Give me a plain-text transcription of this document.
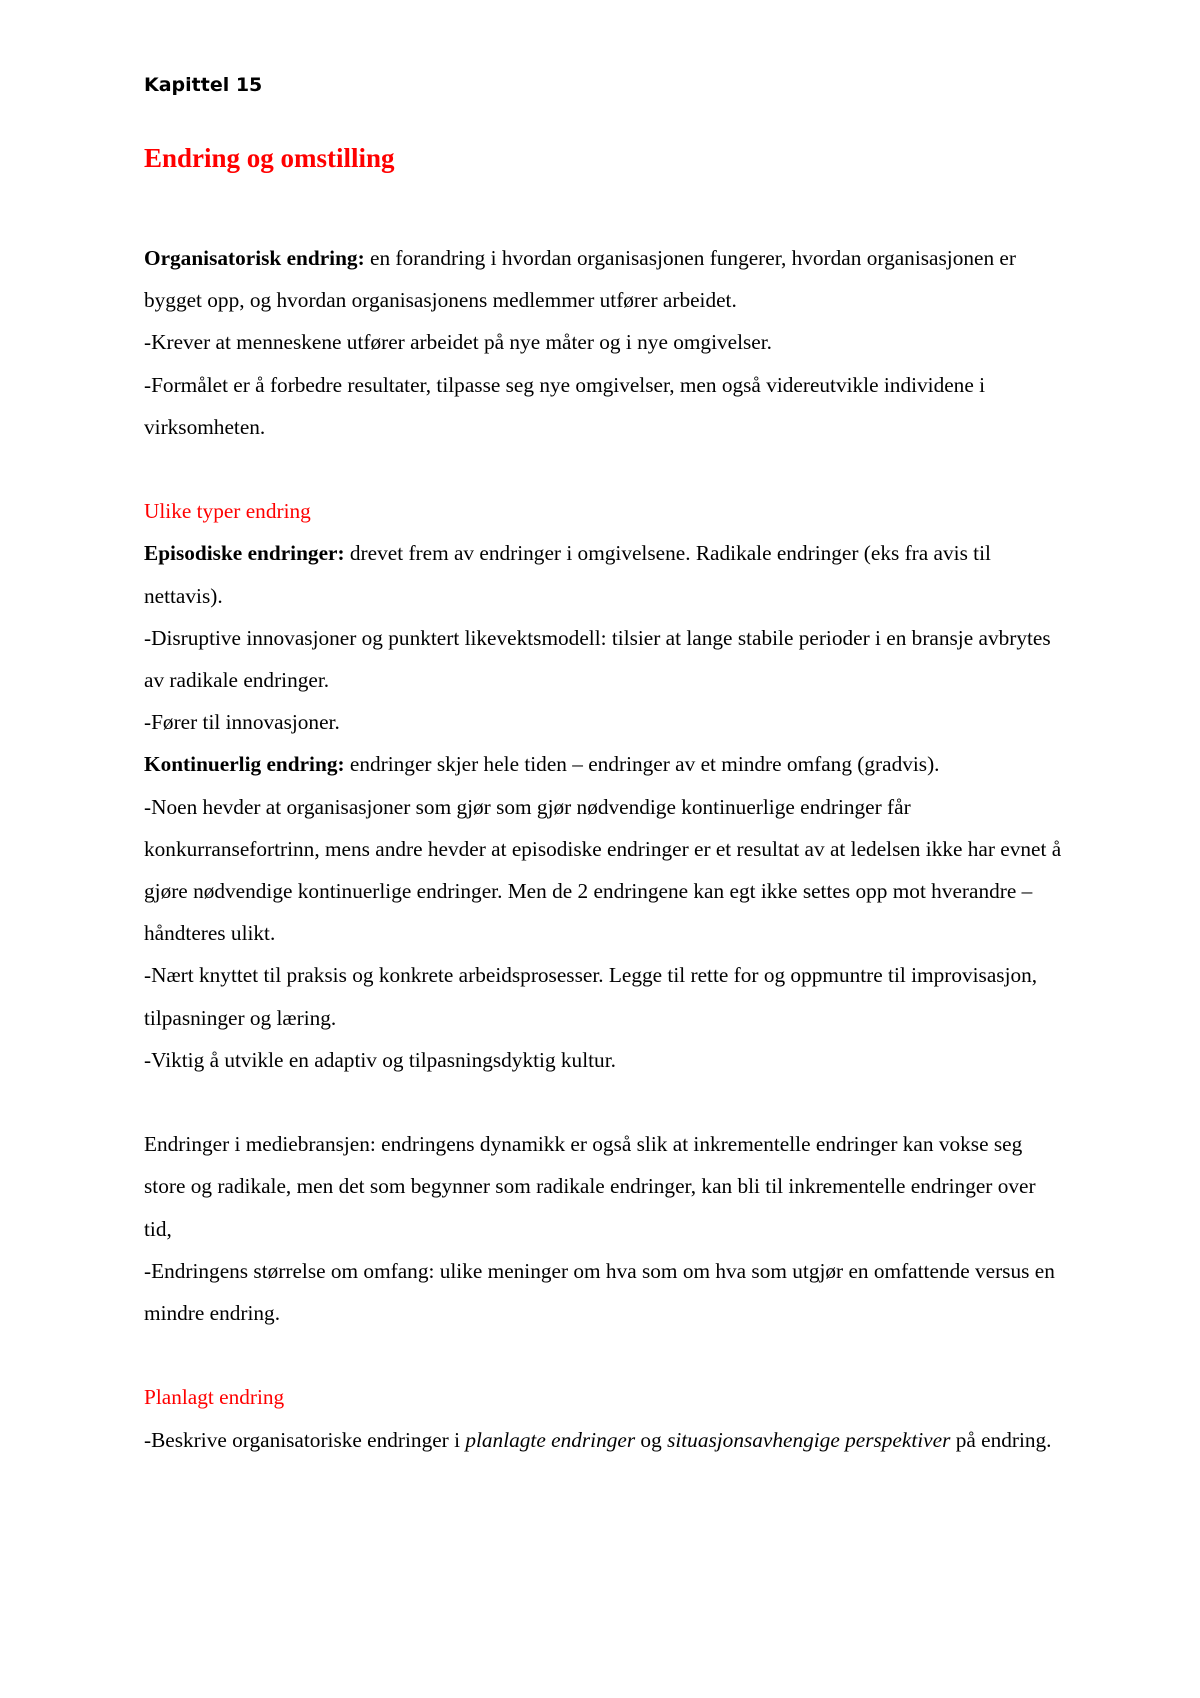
Kapittel 15
Endring og omstilling

Organisatorisk endring: en forandring i hvordan organisasjonen fungerer, hvordan organisasjonen er bygget opp, og hvordan organisasjonens medlemmer utfører arbeidet.

-Krever at menneskene utfører arbeidet på nye måter og i nye omgivelser.

-Formålet er å forbedre resultater, tilpasse seg nye omgivelser, men også videreutvikle individene i virksomheten.

Ulike typer endring

Episodiske endringer: drevet frem av endringer i omgivelsene. Radikale endringer (eks fra avis til nettavis).

-Disruptive innovasjoner og punktert likevektsmodell: tilsier at lange stabile perioder i en bransje avbrytes av radikale endringer.

-Fører til innovasjoner.

Kontinuerlig endring: endringer skjer hele tiden – endringer av et mindre omfang (gradvis).

-Noen hevder at organisasjoner som gjør som gjør nødvendige kontinuerlige endringer får konkurransefortrinn, mens andre hevder at episodiske endringer er et resultat av at ledelsen ikke har evnet å gjøre nødvendige kontinuerlige endringer. Men de 2 endringene kan egt ikke settes opp mot hverandre – håndteres ulikt.

-Nært knyttet til praksis og konkrete arbeidsprosesser. Legge til rette for og oppmuntre til improvisasjon, tilpasninger og læring.

-Viktig å utvikle en adaptiv og tilpasningsdyktig kultur.

Endringer i mediebransjen: endringens dynamikk er også slik at inkrementelle endringer kan vokse seg store og radikale, men det som begynner som radikale endringer, kan bli til inkrementelle endringer over tid,

-Endringens størrelse om omfang: ulike meninger om hva som om hva som utgjør en omfattende versus en mindre endring.

Planlagt endring

-Beskrive organisatoriske endringer i planlagte endringer og situasjonsavhengige perspektiver på endring.
